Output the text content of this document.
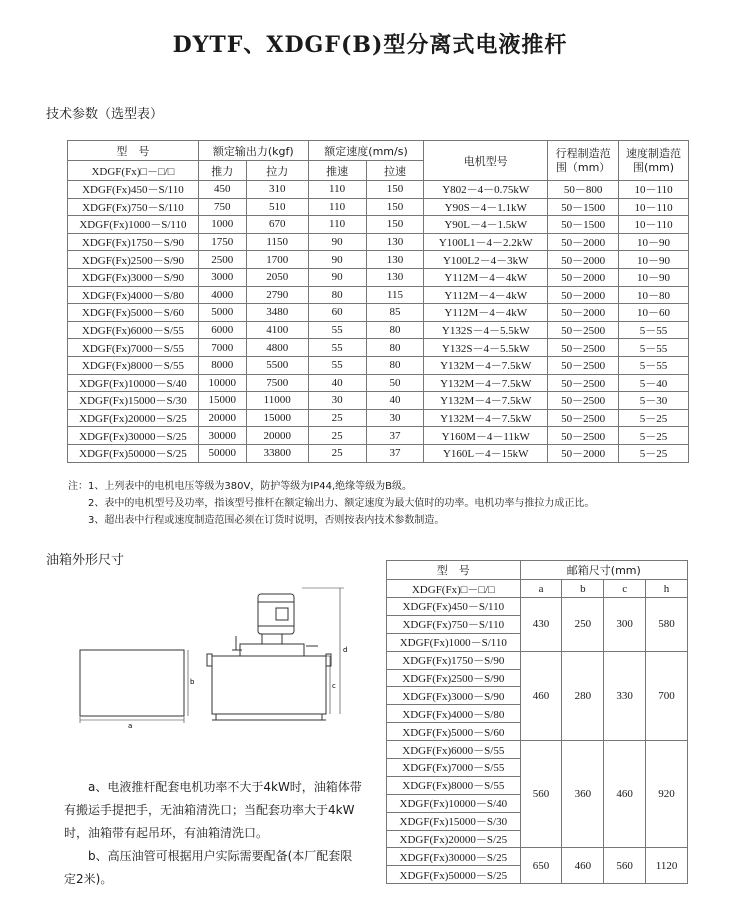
DYTF、XDGF(B)型分离式电液推杆
技术参数（选型表）
型　号	额定输出力(kgf)		额定速度(mm/s)		电机型号	行程制造范围（mm）	速度制造范围(mm)
XDGF(Fx)□－□/□	推力	拉力	推速	拉速			
XDGF(Fx)450－S/110	450	310	110	150	Y802－4－0.75kW	50－800	10－110
XDGF(Fx)750－S/110	750	510	110	150	Y90S－4－1.1kW	50－1500	10－110
XDGF(Fx)1000－S/110	1000	670	110	150	Y90L－4－1.5kW	50－1500	10－110
XDGF(Fx)1750－S/90	1750	1150	90	130	Y100L1－4－2.2kW	50－2000	10－90
XDGF(Fx)2500－S/90	2500	1700	90	130	Y100L2－4－3kW	50－2000	10－90
XDGF(Fx)3000－S/90	3000	2050	90	130	Y112M－4－4kW	50－2000	10－90
XDGF(Fx)4000－S/80	4000	2790	80	115	Y112M－4－4kW	50－2000	10－80
XDGF(Fx)5000－S/60	5000	3480	60	85	Y112M－4－4kW	50－2000	10－60
XDGF(Fx)6000－S/55	6000	4100	55	80	Y132S－4－5.5kW	50－2500	5－55
XDGF(Fx)7000－S/55	7000	4800	55	80	Y132S－4－5.5kW	50－2500	5－55
XDGF(Fx)8000－S/55	8000	5500	55	80	Y132M－4－7.5kW	50－2500	5－55
XDGF(Fx)10000－S/40	10000	7500	40	50	Y132M－4－7.5kW	50－2500	5－40
XDGF(Fx)15000－S/30	15000	11000	30	40	Y132M－4－7.5kW	50－2500	5－30
XDGF(Fx)20000－S/25	20000	15000	25	30	Y132M－4－7.5kW	50－2500	5－25
XDGF(Fx)30000－S/25	30000	20000	25	37	Y160M－4－11kW	50－2500	5－25
XDGF(Fx)50000－S/25	50000	33800	25	37	Y160L－4－15kW	50－2000	5－25
注：1、上列表中的电机电压等级为380V，防护等级为IP44,绝缘等级为B级。
2、表中的电机型号及功率，指该型号推杆在额定输出力、额定速度为最大值时的功率。电机功率与推拉力成正比。
3、超出表中行程或速度制造范围必须在订货时说明，否则按表内技术参数制造。
油箱外形尺寸
a
b	c
d
型　号	邮箱尺寸(mm)			
XDGF(Fx)□－□/□	a	b	c	h
XDGF(Fx)450－S/110	430	250	300	580
XDGF(Fx)750－S/110				
XDGF(Fx)1000－S/110				
XDGF(Fx)1750－S/90	460	280	330	700
XDGF(Fx)2500－S/90				
XDGF(Fx)3000－S/90				
XDGF(Fx)4000－S/80				
XDGF(Fx)5000－S/60				
XDGF(Fx)6000－S/55	560	360	460	920
XDGF(Fx)7000－S/55				
XDGF(Fx)8000－S/55				
XDGF(Fx)10000－S/40				
XDGF(Fx)15000－S/30				
XDGF(Fx)20000－S/25				
XDGF(Fx)30000－S/25	650	460	560	1120
XDGF(Fx)50000－S/25				
a、电液推杆配套电机功率不大于4kW时，油箱体带有搬运手提把手，无油箱清洗口；当配套功率大于4kW时，油箱带有起吊环，有油箱清洗口。
b、高压油管可根据用户实际需要配备(本厂配套限定2米)。
